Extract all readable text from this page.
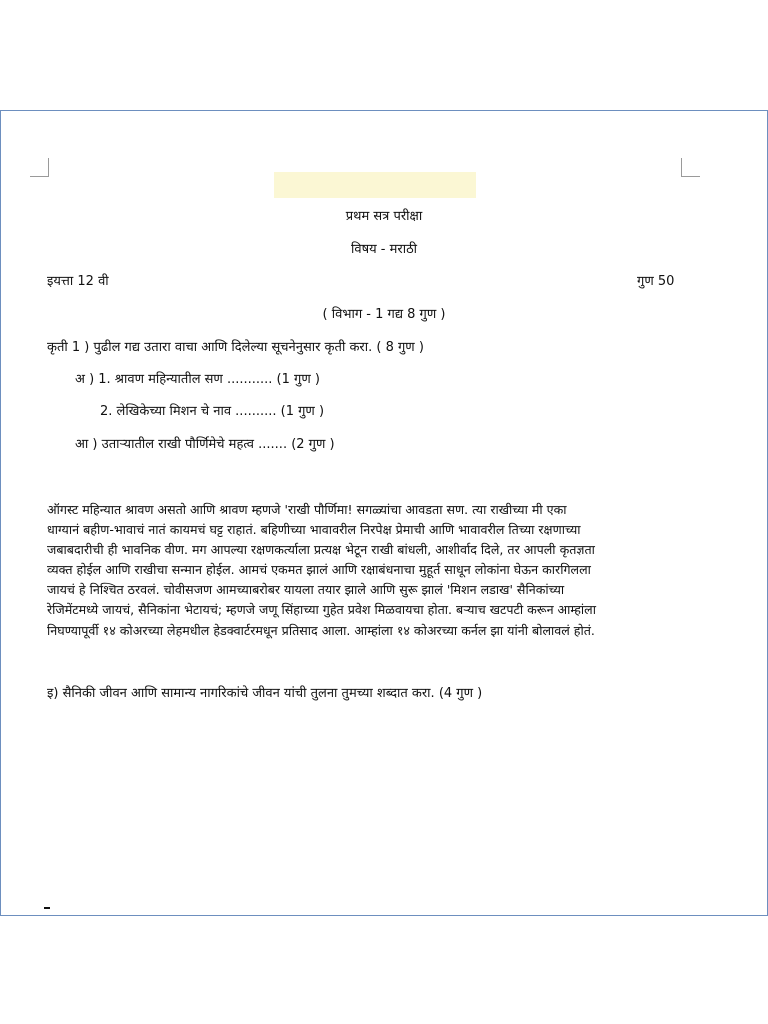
प्रथम सत्र परीक्षा
विषय - मराठी
इयत्ता 12 वी	गुण 50
( विभाग - 1 गद्य 8 गुण )
कृती 1 ) पुढील गद्य उतारा वाचा आणि दिलेल्या सूचनेनुसार कृती करा. ( 8 गुण )
अ ) 1. श्रावण महिन्यातील सण ........... (1 गुण )
2. लेखिकेच्या मिशन चे नाव .......... (1 गुण )
आ ) उताऱ्यातील राखी पौर्णिमेचे महत्व ....... (2 गुण )
ऑगस्ट महिन्यात श्रावण असतो आणि श्रावण म्हणजे 'राखी पौर्णिमा! सगळ्यांचा आवडता सण. त्या राखीच्या मी एका
धाग्यानं बहीण-भावाचं नातं कायमचं घट्ट राहातं. बहिणीच्या भावावरील निरपेक्ष प्रेमाची आणि भावावरील तिच्या रक्षणाच्या
जबाबदारीची ही भावनिक वीण. मग आपल्या रक्षणकर्त्याला प्रत्यक्ष भेटून राखी बांधली, आशीर्वाद दिले, तर आपली कृतज्ञता
व्यक्त होईल आणि राखीचा सन्मान होईल. आमचं एकमत झालं आणि रक्षाबंधनाचा मुहूर्त साधून लोकांना घेऊन कारगिलला
जायचं हे निश्चित ठरवलं. चोवीसजण आमच्याबरोबर यायला तयार झाले आणि सुरू झालं 'मिशन लडाख' सैनिकांच्या
रेजिमेंटमध्ये जायचं, सैनिकांना भेटायचं; म्हणजे जणू सिंहाच्या गुहेत प्रवेश मिळवायचा होता. बऱ्याच खटपटी करून आम्हांला
निघण्यापूर्वी १४ कोअरच्या लेहमधील हेडक्वार्टरमधून प्रतिसाद आला. आम्हांला १४ कोअरच्या कर्नल झा यांनी बोलावलं होतं.
इ) सैनिकी जीवन आणि सामान्य नागरिकांचे जीवन यांची तुलना तुमच्या शब्दात करा. (4 गुण )
